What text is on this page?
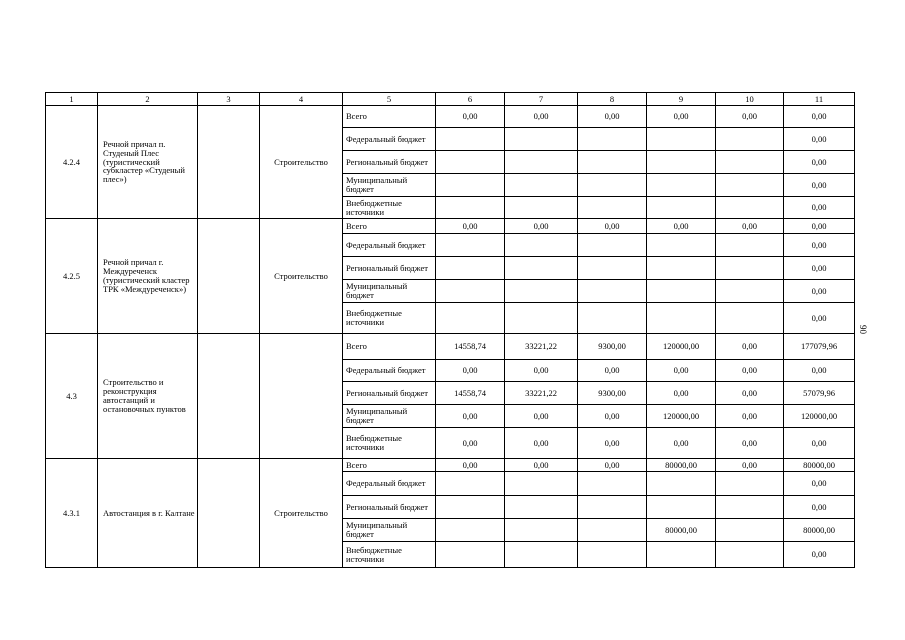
1	2	3	4	5	6	7	8	9	10	11
4.2.4	Речной причал п. Студеный Плес (туристический субкластер «Студеный плес»)		Строительство	Всего	0,00	0,00	0,00	0,00	0,00	0,00
				Федеральный бюджет						0,00
				Региональный бюджет						0,00
				Муниципальный бюджет						0,00
				Внебюджетные источники						0,00
4.2.5	Речной причал г. Междуреченск (туристический кластер ТРК «Междуреченск»)		Строительство	Всего	0,00	0,00	0,00	0,00	0,00	0,00
				Федеральный бюджет						0,00
				Региональный бюджет						0,00
				Муниципальный бюджет						0,00
				Внебюджетные источники						0,00
4.3	Строительство и реконструкция автостанций и остановочных пунктов			Всего	14558,74	33221,22	9300,00	120000,00	0,00	177079,96
				Федеральный бюджет	0,00	0,00	0,00	0,00	0,00	0,00
				Региональный бюджет	14558,74	33221,22	9300,00	0,00	0,00	57079,96
				Муниципальный бюджет	0,00	0,00	0,00	120000,00	0,00	120000,00
				Внебюджетные источники	0,00	0,00	0,00	0,00	0,00	0,00
4.3.1	Автостанция в г. Калтане		Строительство	Всего	0,00	0,00	0,00	80000,00	0,00	80000,00
				Федеральный бюджет						0,00
				Региональный бюджет						0,00
				Муниципальный бюджет				80000,00		80000,00
				Внебюджетные источники						0,00
90
